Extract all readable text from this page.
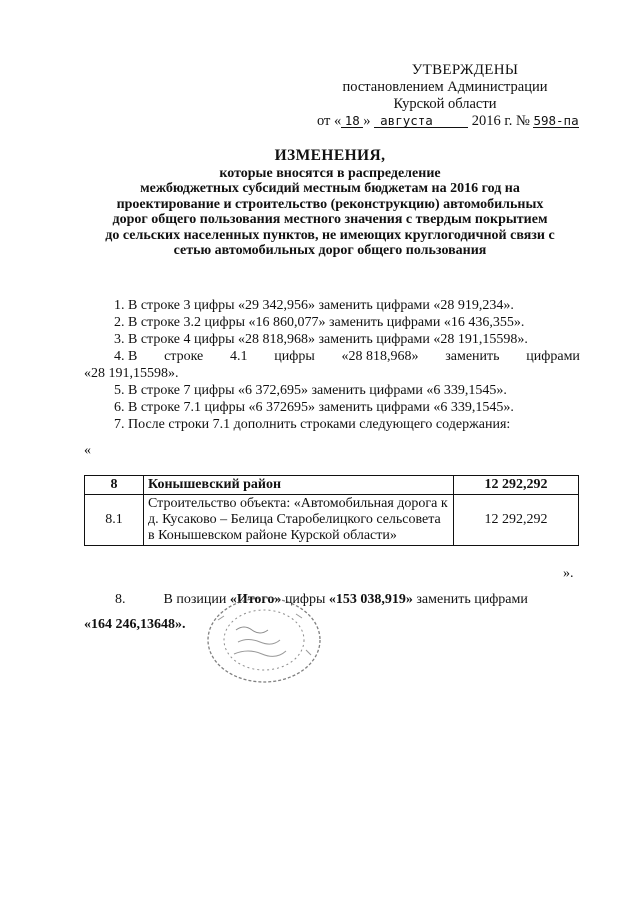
УТВЕРЖДЕНЫ
постановлением Администрации
Курской области
от « 18 » августа	2016 г. № 598-па
ИЗМЕНЕНИЯ,
которые вносятся в распределение
межбюджетных субсидий местным бюджетам на 2016 год на
проектирование и строительство (реконструкцию) автомобильных
дорог общего пользования местного значения с твердым покрытием
до сельских населенных пунктов, не имеющих круглогодичной связи с
сетью автомобильных дорог общего пользования
1. В строке 3 цифры «29 342,956» заменить цифрами «28 919,234».
2. В строке 3.2 цифры «16 860,077» заменить цифрами «16 436,355».
3. В строке 4 цифры «28 818,968» заменить цифрами «28 191,15598».
4. В строке 4.1 цифры «28 818,968» заменить цифрами
«28 191,15598».
5. В строке 7 цифры «6 372,695» заменить цифрами «6 339,1545».
6. В строке 7.1 цифры «6 372695» заменить цифрами «6 339,1545».
7. После строки 7.1 дополнить строками следующего содержания:
«
8	Конышевский район	12 292,292
8.1	Строительство объекта: «Автомобильная дорога к д. Кусаково – Белица Старобелицкого сельсовета в Конышевском районе Курской области»	12 292,292
».
8.	В позиции «Итого» цифры «153 038,919» заменить цифрами
«164 246,13648».
